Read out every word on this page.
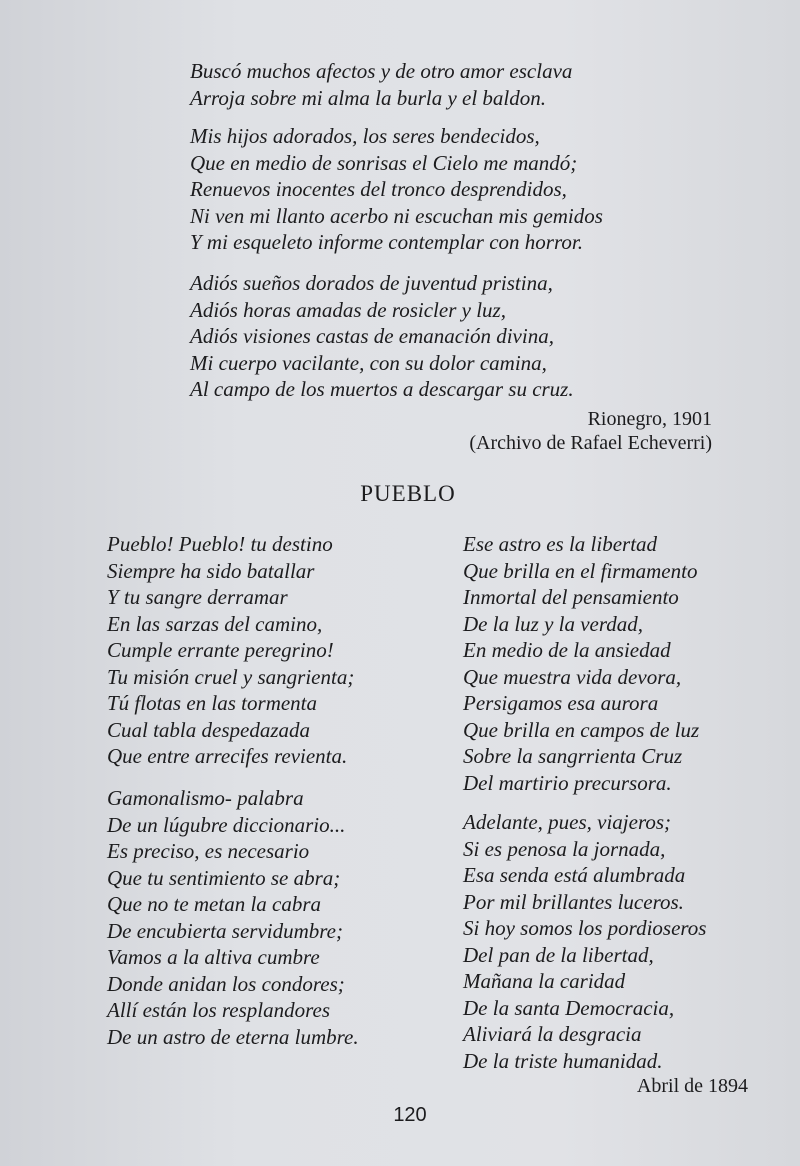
Buscó muchos afectos y de otro amor esclava
Arroja sobre mi alma la burla y el baldon.
Mis hijos adorados, los seres bendecidos,
Que en medio de sonrisas el Cielo me mandó;
Renuevos inocentes del tronco desprendidos,
Ni ven mi llanto acerbo ni escuchan mis gemidos
Y mi esqueleto informe contemplar con horror.
Adiós sueños dorados de juventud pristina,
Adiós horas amadas de rosicler y luz,
Adiós visiones castas de emanación divina,
Mi cuerpo vacilante, con su dolor camina,
Al campo de los muertos a descargar su cruz.
Rionegro, 1901
(Archivo de Rafael Echeverri)
PUEBLO
Pueblo! Pueblo! tu destino
Siempre ha sido batallar
Y tu sangre derramar
En las sarzas del camino,
Cumple errante peregrino!
Tu misión cruel y sangrienta;
Tú flotas en las tormenta
Cual tabla despedazada
Que entre arrecifes revienta.
Gamonalismo- palabra
De un lúgubre diccionario...
Es preciso, es necesario
Que tu sentimiento se abra;
Que no te metan la cabra
De encubierta servidumbre;
Vamos a la altiva cumbre
Donde anidan los condores;
Allí están los resplandores
De un astro de eterna lumbre.
Ese astro es la libertad
Que brilla en el firmamento
Inmortal del pensamiento
De la luz y la verdad,
En medio de la ansiedad
Que muestra vida devora,
Persigamos esa aurora
Que brilla en campos de luz
Sobre la sangrrienta Cruz
Del martirio precursora.
Adelante, pues, viajeros;
Si es penosa la jornada,
Esa senda está alumbrada
Por mil brillantes luceros.
Si hoy somos los pordioseros
Del pan de la libertad,
Mañana la caridad
De la santa Democracia,
Aliviará la desgracia
De la triste humanidad.
Abril de 1894
120
